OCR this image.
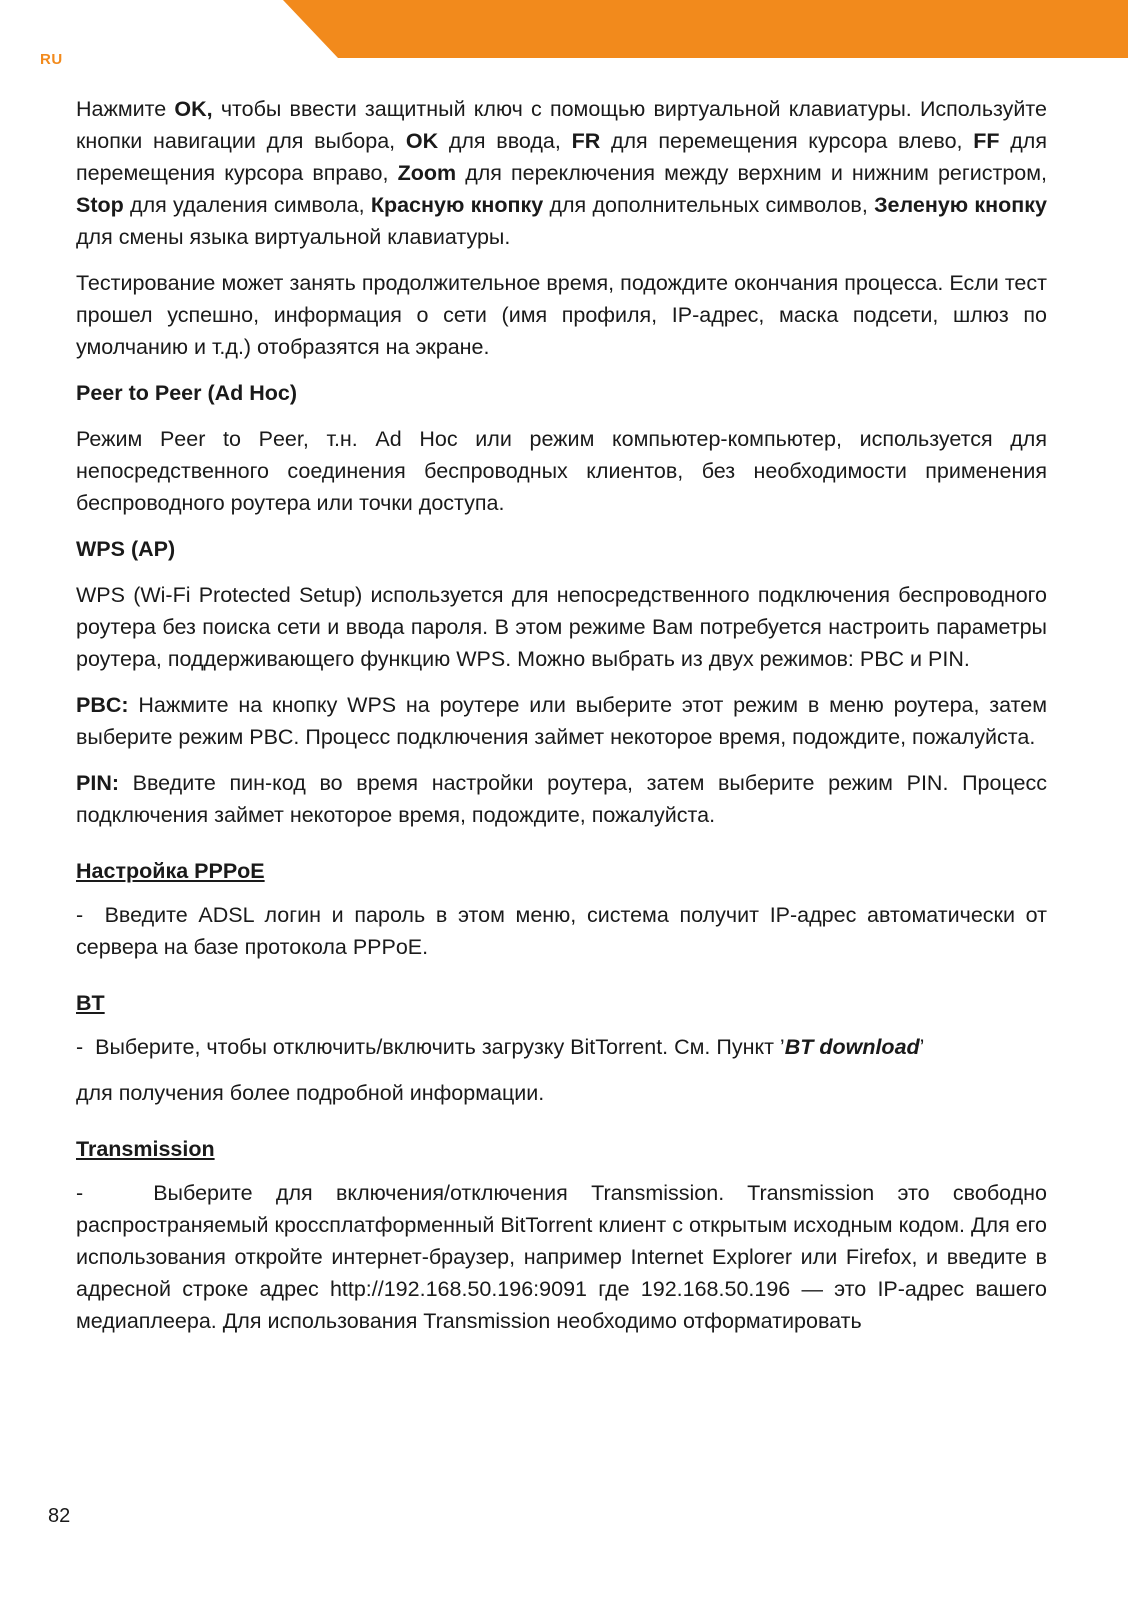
RU

Нажмите OK, чтобы ввести защитный ключ с помощью виртуальной клавиатуры. Используйте кнопки навигации для выбора, OK для ввода, FR для перемещения курсора влево, FF для перемещения курсора вправо, Zoom для переключения между верхним и нижним регистром, Stop для удаления символа, Красную кнопку для дополнительных символов, Зеленую кнопку для смены языка виртуальной клавиатуры.

Тестирование может занять продолжительное время, подождите окончания процесса. Если тест прошел успешно, информация о сети (имя профиля, IP-адрес, маска подсети, шлюз по умолчанию и т.д.) отобразятся на экране.

Peer to Peer (Ad Hoc)

Режим Peer to Peer, т.н. Ad Hoc или режим компьютер-компьютер, используется для непосредственного соединения беспроводных клиентов, без необходимости применения беспроводного роутера или точки доступа.

WPS (AP)

WPS (Wi-Fi Protected Setup) используется для непосредственного подключения беспроводного роутера без поиска сети и ввода пароля. В этом режиме Вам потребуется настроить параметры роутера, поддерживающего функцию WPS. Можно выбрать из двух режимов: PBC и PIN.

PBC: Нажмите на кнопку WPS на роутере или выберите этот режим в меню роутера, затем выберите режим PBC. Процесс подключения займет некоторое время, подождите, пожалуйста.

PIN: Введите пин-код во время настройки роутера, затем выберите режим PIN. Процесс подключения займет некоторое время, подождите, пожалуйста.

Настройка PPPoE

-  Введите ADSL логин и пароль в этом меню, система получит IP-адрес автоматически от сервера на базе протокола PPPoE.

BT

-  Выберите, чтобы отключить/включить загрузку BitTorrent. См. Пункт ’BT download’

для получения более подробной информации.

Transmission

-   Выберите для включения/отключения Transmission. Transmission это свободно распространяемый кроссплатформенный BitTorrent клиент с открытым исходным кодом. Для его использования откройте интернет-браузер, например Internet Explorer или Firefox, и введите в адресной строке адрес http://192.168.50.196:9091 где 192.168.50.196 — это IP-адрес вашего медиаплеера. Для использования Transmission необходимо отформатировать

82
